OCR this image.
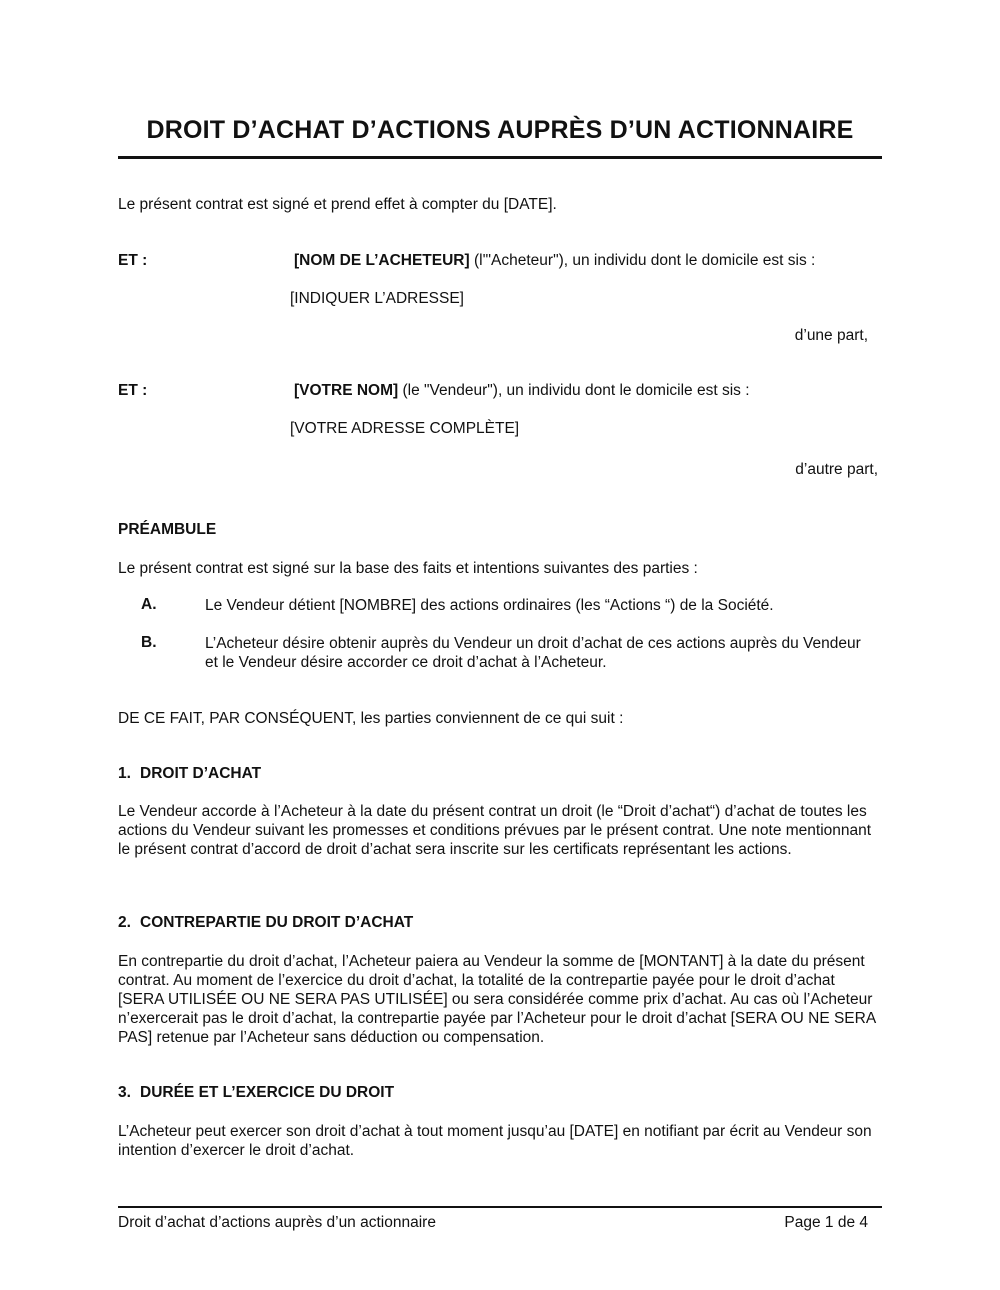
DROIT D’ACHAT D’ACTIONS AUPRÈS D’UN ACTIONNAIRE
Le présent contrat est signé et prend effet à compter du [DATE].
ET :	[NOM DE L’ACHETEUR] (l'"Acheteur"), un individu dont le domicile est sis :
[INDIQUER L’ADRESSE]
d’une part,
ET :	[VOTRE NOM] (le "Vendeur"), un individu dont le domicile est sis :
[VOTRE ADRESSE COMPLÈTE]
d’autre part,
PRÉAMBULE
Le présent contrat est signé sur la base des faits et intentions suivantes des parties :
A.	Le Vendeur détient [NOMBRE] des actions ordinaires (les “Actions “) de la Société.
B.	L’Acheteur désire obtenir auprès du Vendeur un droit d’achat de ces actions auprès du Vendeur et le Vendeur désire accorder ce droit d’achat à l’Acheteur.
DE CE FAIT, PAR CONSÉQUENT, les parties conviennent de ce qui suit :
1. DROIT D’ACHAT
Le Vendeur accorde à l’Acheteur à la date du présent contrat un droit (le “Droit d’achat“) d’achat de toutes les actions du Vendeur suivant les promesses et conditions prévues par le présent contrat. Une note mentionnant le présent contrat d’accord de droit d’achat sera inscrite sur les certificats représentant les actions.
2. CONTREPARTIE DU DROIT D’ACHAT
En contrepartie du droit d’achat, l’Acheteur paiera au Vendeur la somme de [MONTANT] à la date du présent contrat. Au moment de l’exercice du droit d’achat, la totalité de la contrepartie payée pour le droit d’achat [SERA UTILISÉE OU NE SERA PAS UTILISÉE] ou sera considérée comme prix d’achat. Au cas où l’Acheteur n’exercerait pas le droit d’achat, la contrepartie payée par l’Acheteur pour le droit d’achat [SERA OU NE SERA PAS] retenue par l’Acheteur sans déduction ou compensation.
3. DURÉE ET L’EXERCICE DU DROIT
L’Acheteur peut exercer son droit d’achat à tout moment jusqu’au [DATE] en notifiant par écrit au Vendeur son intention d’exercer le droit d’achat.
Droit d’achat d’actions auprès d’un actionnaire	Page 1 de 4
